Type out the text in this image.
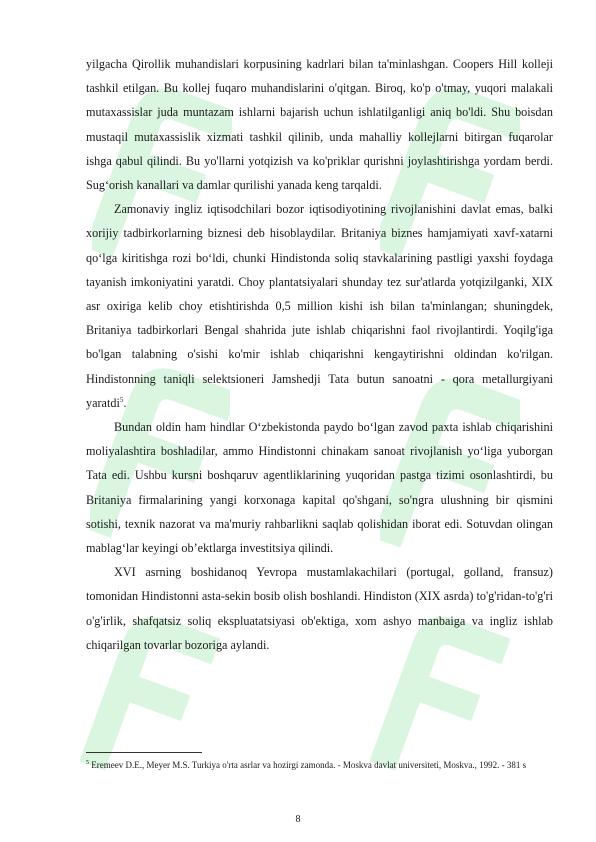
yilgacha Qirollik muhandislari korpusining kadrlari bilan ta'minlashgan. Coopers Hill kolleji tashkil etilgan. Bu kollej fuqaro muhandislarini o'qitgan. Biroq, ko'p o'tmay, yuqori malakali mutaxassislar juda muntazam ishlarni bajarish uchun ishlatilganligi aniq bo'ldi. Shu boisdan mustaqil mutaxassislik xizmati tashkil qilinib, unda mahalliy kollejlarni bitirgan fuqarolar ishga qabul qilindi. Bu yo'llarni yotqizish va ko'priklar qurishni joylashtirishga yordam berdi. Sug‘orish kanallari va damlar qurilishi yanada keng tarqaldi.

Zamonaviy ingliz iqtisodchilari bozor iqtisodiyotining rivojlanishini davlat emas, balki xorijiy tadbirkorlarning biznesi deb hisoblaydilar. Britaniya biznes hamjamiyati xavf-xatarni qo‘lga kiritishga rozi bo‘ldi, chunki Hindistonda soliq stavkalarining pastligi yaxshi foydaga tayanish imkoniyatini yaratdi. Choy plantatsiyalari shunday tez sur'atlarda yotqizilganki, XIX asr oxiriga kelib choy etishtirishda 0,5 million kishi ish bilan ta'minlangan; shuningdek, Britaniya tadbirkorlari Bengal shahrida jute ishlab chiqarishni faol rivojlantirdi. Yoqilg'iga bo'lgan talabning o'sishi ko'mir ishlab chiqarishni kengaytirishni oldindan ko'rilgan. Hindistonning taniqli selektsioneri Jamshedji Tata butun sanoatni - qora metallurgiyani yaratdi$^5$.

Bundan oldin ham hindlar O‘zbekistonda paydo bo‘lgan zavod paxta ishlab chiqarishini moliyalashtira boshladilar, ammo Hindistonni chinakam sanoat rivojlanish yo‘liga yuborgan Tata edi. Ushbu kursni boshqaruv agentliklarining yuqoridan pastga tizimi osonlashtirdi, bu Britaniya firmalarining yangi korxonaga kapital qo'shgani, so'ngra ulushning bir qismini sotishi, texnik nazorat va ma'muriy rahbarlikni saqlab qolishidan iborat edi. Sotuvdan olingan mablag‘lar keyingi ob’ektlarga investitsiya qilindi.

XVI asrning boshidanoq Yevropa mustamlakachilari (portugal, golland, fransuz) tomonidan Hindistonni asta-sekin bosib olish boshlandi. Hindiston (XIX asrda) to'g'ridan-to'g'ri o'g'irlik, shafqatsiz soliq ekspluatatsiyasi ob'ektiga, xom ashyo manbaiga va ingliz ishlab chiqarilgan tovarlar bozoriga aylandi.

$^5$ Eremeev D.E., Meyer M.S. Turkiya o'rta asrlar va hozirgi zamonda. - Moskva davlat universiteti, Moskva., 1992. - 381 s
8
